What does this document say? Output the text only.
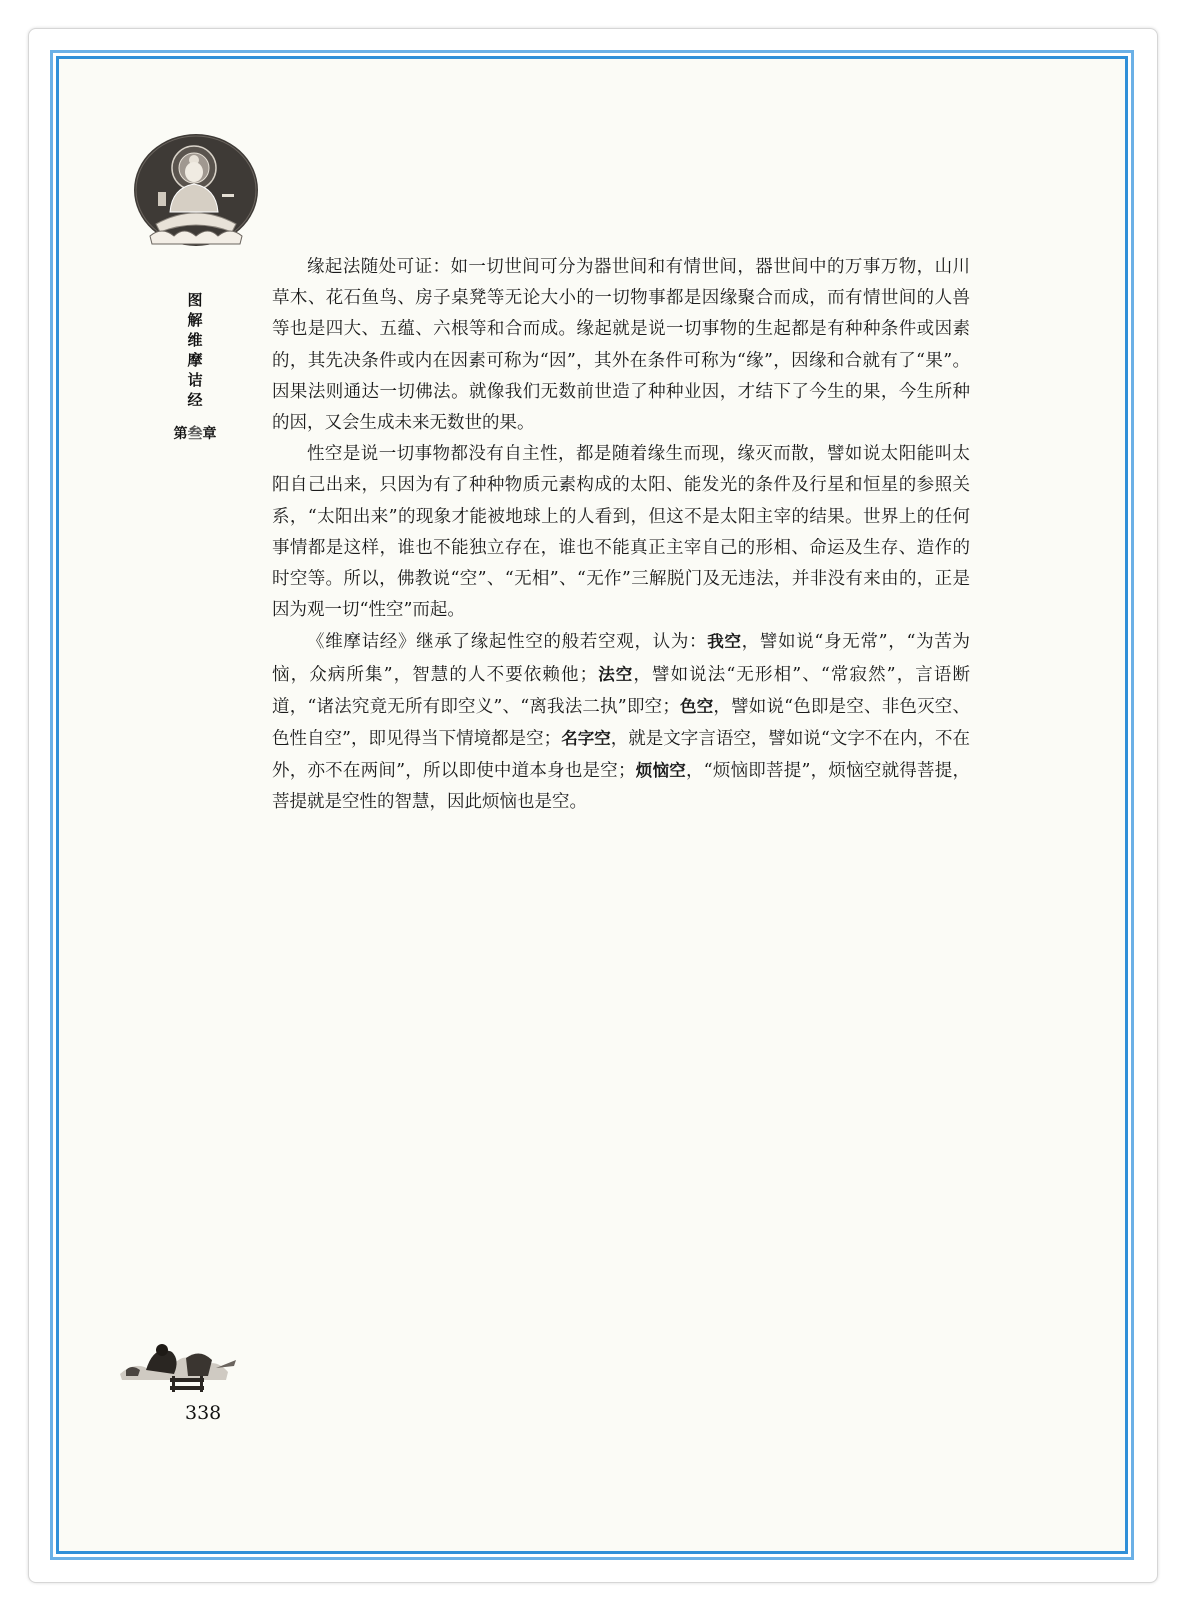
图
解
维
摩
诘
经
第叁章

缘起法随处可证：如一切世间可分为器世间和有情世间，器世间中的万事万物，山川草木、花石鱼鸟、房子桌凳等无论大小的一切物事都是因缘聚合而成，而有情世间的人兽等也是四大、五蕴、六根等和合而成。缘起就是说一切事物的生起都是有种种条件或因素的，其先决条件或内在因素可称为“因”，其外在条件可称为“缘”，因缘和合就有了“果”。因果法则通达一切佛法。就像我们无数前世造了种种业因，才结下了今生的果，今生所种的因，又会生成未来无数世的果。

性空是说一切事物都没有自主性，都是随着缘生而现，缘灭而散，譬如说太阳能叫太阳自己出来，只因为有了种种物质元素构成的太阳、能发光的条件及行星和恒星的参照关系，“太阳出来”的现象才能被地球上的人看到，但这不是太阳主宰的结果。世界上的任何事情都是这样，谁也不能独立存在，谁也不能真正主宰自己的形相、命运及生存、造作的时空等。所以，佛教说“空”、“无相”、“无作”三解脱门及无违法，并非没有来由的，正是因为观一切“性空”而起。

《维摩诘经》继承了缘起性空的般若空观，认为：我空，譬如说“身无常”，“为苦为恼，众病所集”，智慧的人不要依赖他；法空，譬如说法“无形相”、“常寂然”，言语断道，“诸法究竟无所有即空义”、“离我法二执”即空；色空，譬如说“色即是空、非色灭空、色性自空”，即见得当下情境都是空；名字空，就是文字言语空，譬如说“文字不在内，不在外，亦不在两间”，所以即使中道本身也是空；烦恼空，“烦恼即菩提”，烦恼空就得菩提，菩提就是空性的智慧，因此烦恼也是空。

338
